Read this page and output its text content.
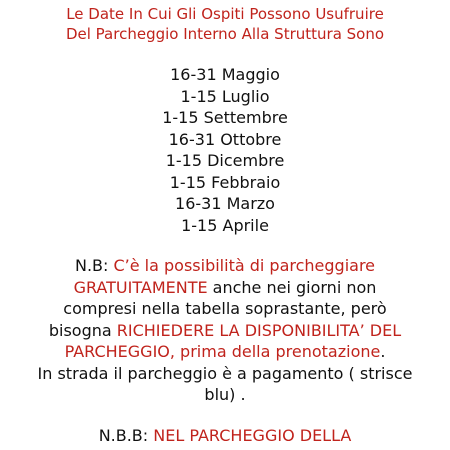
Le Date In Cui Gli Ospiti Possono Usufruire
Del Parcheggio Interno Alla Struttura Sono
16-31 Maggio
1-15 Luglio
1-15 Settembre
16-31 Ottobre
1-15 Dicembre
1-15 Febbraio
16-31 Marzo
1-15 Aprile
N.B: C’è la possibilità di parcheggiare
GRATUITAMENTE anche nei giorni non
compresi nella tabella soprastante, però
bisogna RICHIEDERE LA DISPONIBILITA’ DEL
PARCHEGGIO, prima della prenotazione.
In strada il parcheggio è a pagamento ( strisce
blu) .
N.B.B: NEL PARCHEGGIO DELLA
